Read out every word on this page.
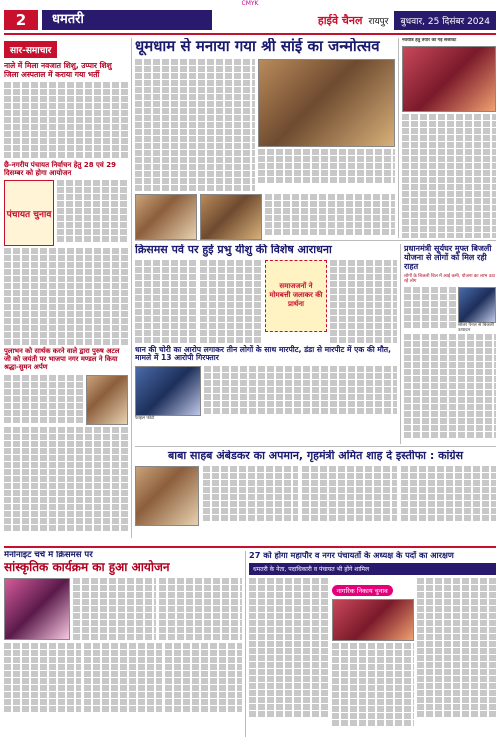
CMYK
2	धमतरी	हाईवे चैनल रायपुर	बुधवार, 25 दिसंबर 2024
सार-समाचार
नाले में मिला नवजात शिशु, उप्पार शिशु जिला अस्पताल में कराया गया भर्ती
छै-नगरीय पंचायत निर्वाचन हेतु 28 एवं 29 दिसम्बर को होगा आयोजन
पंचायत चुनाव
पुलाभन को सार्थक करने वाले द्वारा पुरुष अटल जी को जयंती पर भाजपा नगर मण्डल ने किया श्रद्धा-सुमन अर्पण
धूमधाम से मनाया गया श्री सांई का जन्मोत्सव	नवरात्रि हेतु तैयार की गई सजावट
क्रिसमस पर्व पर हुई प्रभु यीशु की विशेष आराधना
समाजजनों ने मोमबत्ती जलाकर की प्रार्थना
धान की चोरी का आरोप लगाकर तीन लोगों के साथ मारपीट, डंडा से मारपीट में एक की मौत, मामले में 13 आरोपी गिरफ्तार
फाइल फोटो
प्रधानमंत्री सूर्यघर मुफ्त बिजली योजना से लोगों को मिल रही राहत
लोगों के बिजली बिल में आई कमी, योजना का लाभ उठा रहे लोग
सोलर पैनल से बिजली उत्पादन
बाबा साहब अंबेडकर का अपमान, गृहमंत्री अमित शाह दे इस्तीफा : कांग्रेस
मेनोनाइट चर्च में क्रिसमस पर
सांस्कृतिक कार्यक्रम का हुआ आयोजन
27 को होगा महापौर व नगर पंचायतों के अध्यक्ष के पदों का आरक्षण
धमतरी के नेता, पदाधिकारी व पंचायत भी होंगे शामिल
नागरिक निकाय चुनाव
